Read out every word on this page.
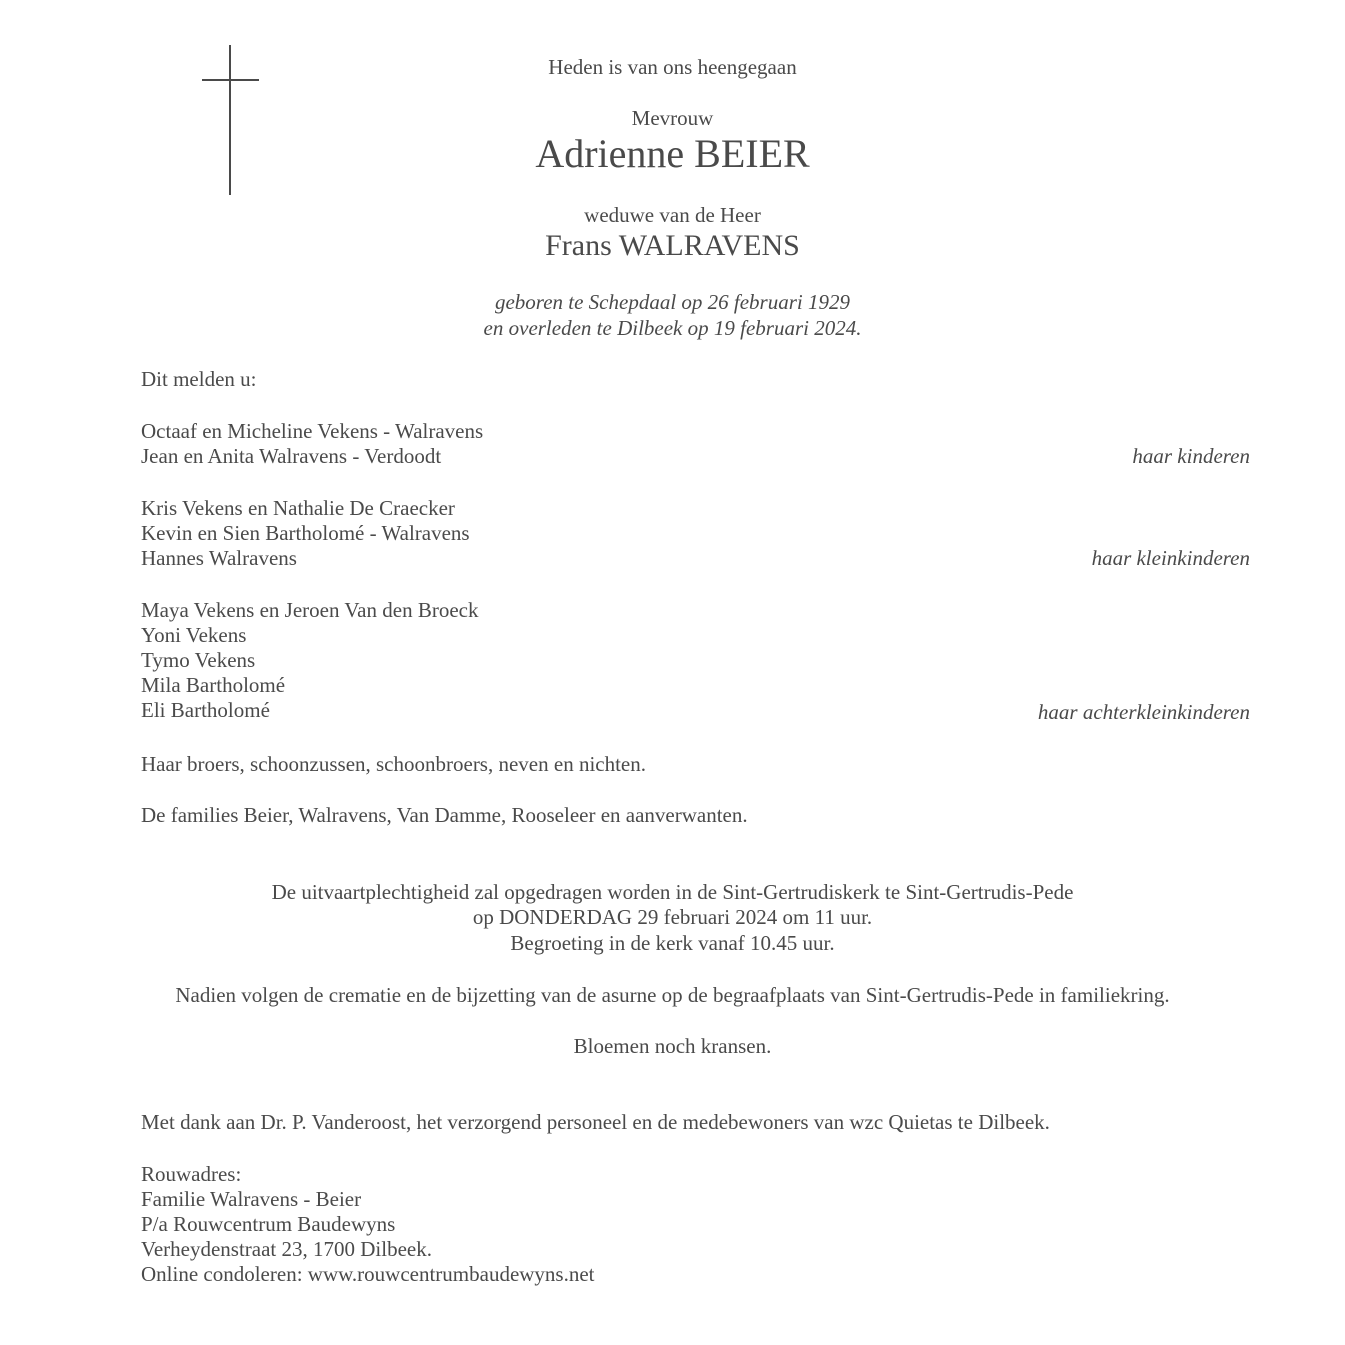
Heden is van ons heengegaan
Mevrouw
Adrienne BEIER
weduwe van de Heer
Frans WALRAVENS
geboren te Schepdaal op 26 februari 1929
en overleden te Dilbeek op 19 februari 2024.
Dit melden u:
Octaaf en Micheline Vekens - Walravens
Jean en Anita Walravens - Verdoodt	haar kinderen
Kris Vekens en Nathalie De Craecker
Kevin en Sien Bartholomé - Walravens
Hannes Walravens	haar kleinkinderen
Maya Vekens en Jeroen Van den Broeck
Yoni Vekens
Tymo Vekens
Mila Bartholomé
Eli Bartholomé	haar achterkleinkinderen
Haar broers, schoonzussen, schoonbroers, neven en nichten.
De families Beier, Walravens, Van Damme, Rooseleer en aanverwanten.
De uitvaartplechtigheid zal opgedragen worden in de Sint-Gertrudiskerk te Sint-Gertrudis-Pede
op DONDERDAG 29 februari 2024 om 11 uur.
Begroeting in de kerk vanaf 10.45 uur.
Nadien volgen de crematie en de bijzetting van de asurne op de begraafplaats van Sint-Gertrudis-Pede in familiekring.
Bloemen noch kransen.
Met dank aan Dr. P. Vanderoost, het verzorgend personeel en de medebewoners van wzc Quietas te Dilbeek.
Rouwadres:
Familie Walravens - Beier
P/a Rouwcentrum Baudewyns
Verheydenstraat 23, 1700 Dilbeek.
Online condoleren: www.rouwcentrumbaudewyns.net
